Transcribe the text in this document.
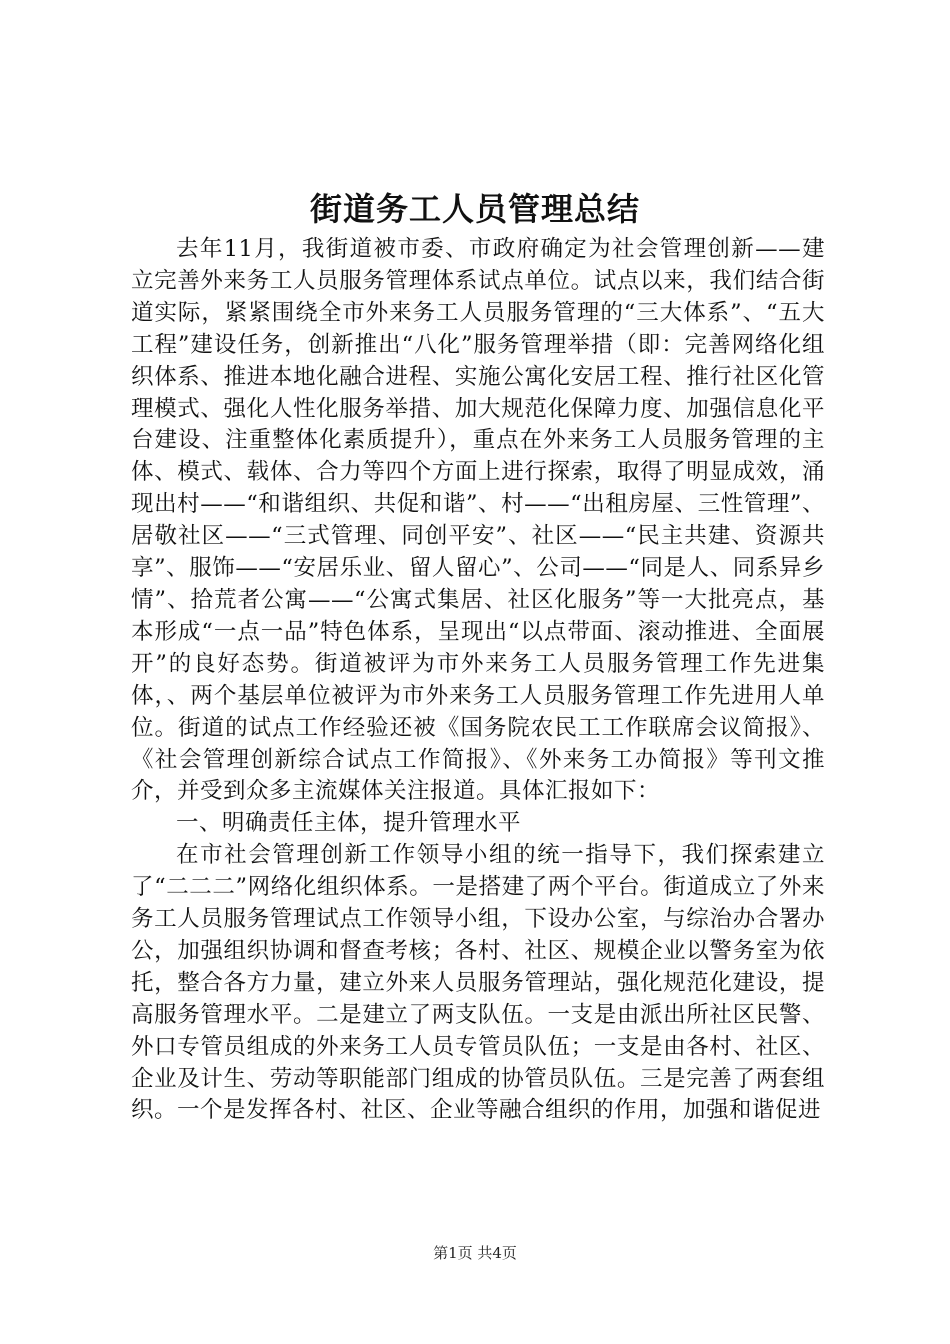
街道务工人员管理总结

去年11月，我街道被市委、市政府确定为社会管理创新——建立完善外来务工人员服务管理体系试点单位。试点以来，我们结合街道实际，紧紧围绕全市外来务工人员服务管理的“三大体系”、“五大工程”建设任务，创新推出“八化”服务管理举措（即：完善网络化组织体系、推进本地化融合进程、实施公寓化安居工程、推行社区化管理模式、强化人性化服务举措、加大规范化保障力度、加强信息化平台建设、注重整体化素质提升），重点在外来务工人员服务管理的主体、模式、载体、合力等四个方面上进行探索，取得了明显成效，涌现出村——“和谐组织、共促和谐”、村——“出租房屋、三性管理”、居敬社区——“三式管理、同创平安”、社区——“民主共建、资源共享”、服饰——“安居乐业、留人留心”、公司——“同是人、同系异乡情”、拾荒者公寓——“公寓式集居、社区化服务”等一大批亮点，基本形成“一点一品”特色体系，呈现出“以点带面、滚动推进、全面展开”的良好态势。街道被评为市外来务工人员服务管理工作先进集体，、两个基层单位被评为市外来务工人员服务管理工作先进用人单位。街道的试点工作经验还被《国务院农民工工作联席会议简报》、《社会管理创新综合试点工作简报》、《外来务工办简报》等刊文推介，并受到众多主流媒体关注报道。具体汇报如下：

一、明确责任主体，提升管理水平

在市社会管理创新工作领导小组的统一指导下，我们探索建立了“二二二”网络化组织体系。一是搭建了两个平台。街道成立了外来务工人员服务管理试点工作领导小组，下设办公室，与综治办合署办公，加强组织协调和督查考核；各村、社区、规模企业以警务室为依托，整合各方力量，建立外来人员服务管理站，强化规范化建设，提高服务管理水平。二是建立了两支队伍。一支是由派出所社区民警、外口专管员组成的外来务工人员专管员队伍；一支是由各村、社区、企业及计生、劳动等职能部门组成的协管员队伍。三是完善了两套组织。一个是发挥各村、社区、企业等融合组织的作用，加强和谐促进

第1页 共4页
